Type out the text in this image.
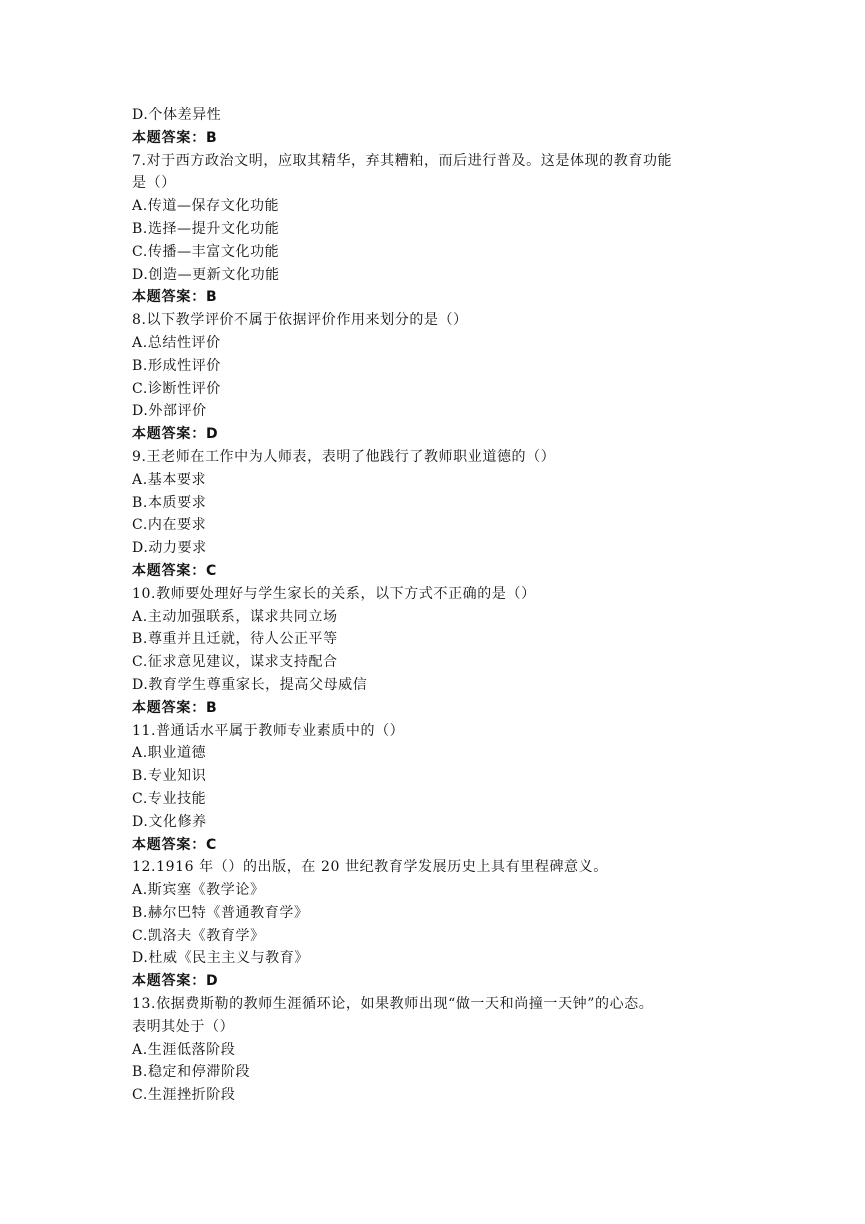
D.个体差异性
本题答案：B
7.对于西方政治文明，应取其精华，弃其糟粕，而后进行普及。这是体现的教育功能
是（）
A.传道—保存文化功能
B.选择—提升文化功能
C.传播—丰富文化功能
D.创造—更新文化功能
本题答案：B
8.以下教学评价不属于依据评价作用来划分的是（）
A.总结性评价
B.形成性评价
C.诊断性评价
D.外部评价
本题答案：D
9.王老师在工作中为人师表，表明了他践行了教师职业道德的（）
A.基本要求
B.本质要求
C.内在要求
D.动力要求
本题答案：C
10.教师要处理好与学生家长的关系，以下方式不正确的是（）
A.主动加强联系，谋求共同立场
B.尊重并且迁就，待人公正平等
C.征求意见建议，谋求支持配合
D.教育学生尊重家长，提高父母威信
本题答案：B
11.普通话水平属于教师专业素质中的（）
A.职业道德
B.专业知识
C.专业技能
D.文化修养
本题答案：C
12.1916 年（）的出版，在 20 世纪教育学发展历史上具有里程碑意义。
A.斯宾塞《教学论》
B.赫尔巴特《普通教育学》
C.凯洛夫《教育学》
D.杜威《民主主义与教育》
本题答案：D
13.依据费斯勒的教师生涯循环论，如果教师出现“做一天和尚撞一天钟”的心态。
表明其处于（）
A.生涯低落阶段
B.稳定和停滞阶段
C.生涯挫折阶段
